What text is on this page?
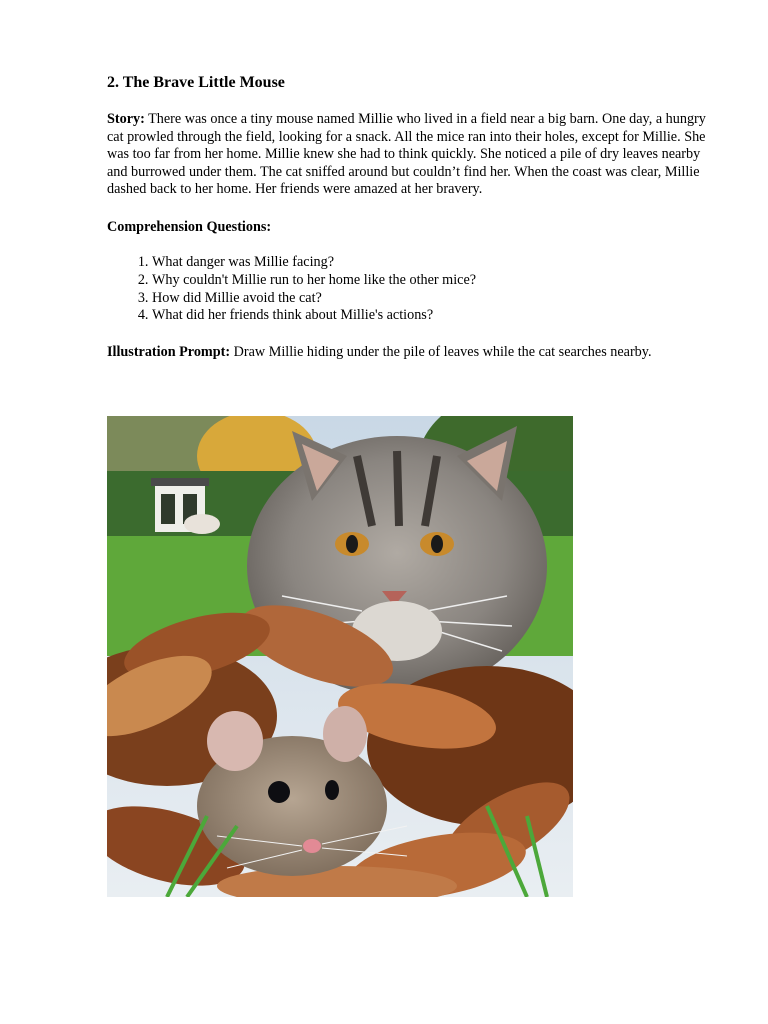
2. The Brave Little Mouse

Story: There was once a tiny mouse named Millie who lived in a field near a big barn. One day, a hungry cat prowled through the field, looking for a snack. All the mice ran into their holes, except for Millie. She was too far from her home. Millie knew she had to think quickly. She noticed a pile of dry leaves nearby and burrowed under them. The cat sniffed around but couldn’t find her. When the coast was clear, Millie dashed back to her home. Her friends were amazed at her bravery.

Comprehension Questions:

1. What danger was Millie facing?
2. Why couldn't Millie run to her home like the other mice?
3. How did Millie avoid the cat?
4. What did her friends think about Millie's actions?

Illustration Prompt: Draw Millie hiding under the pile of leaves while the cat searches nearby.
